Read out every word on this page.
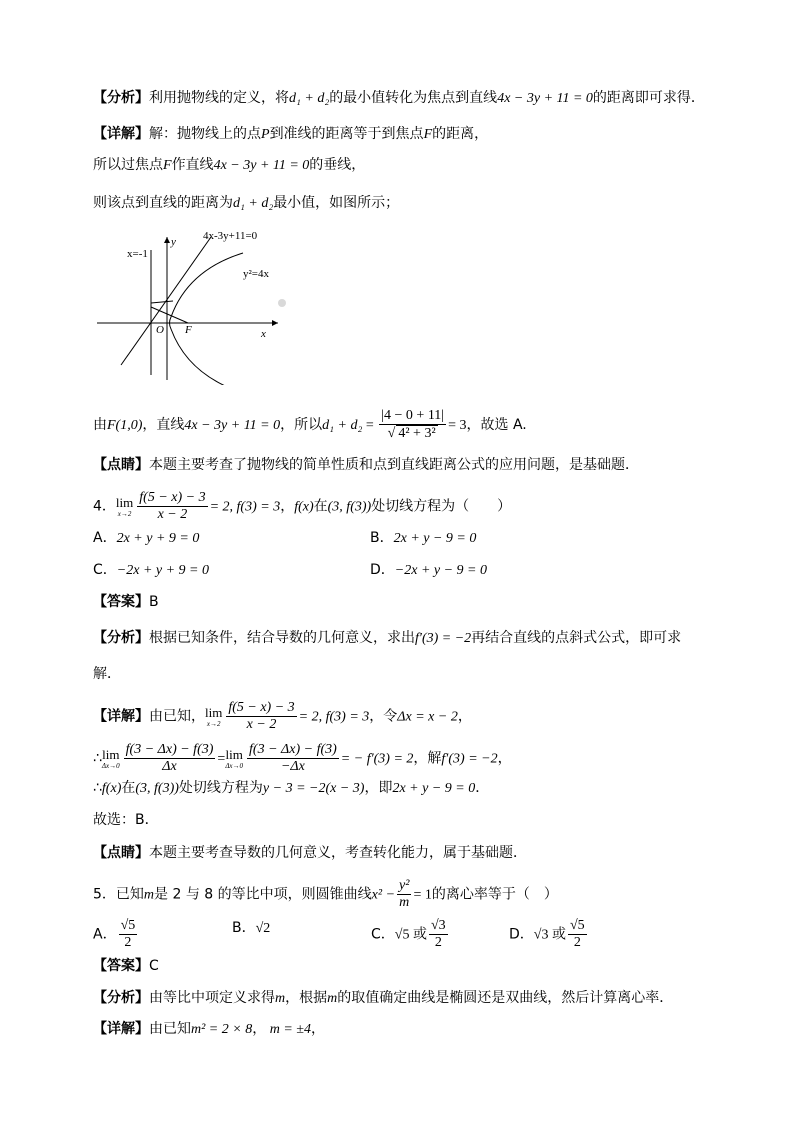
【分析】利用抛物线的定义，将d₁ + d₂的最小值转化为焦点到直线4x − 3y + 11 = 0的距离即可求得．
【详解】解：抛物线上的点P到准线的距离等于到焦点F的距离，
所以过焦点F作直线4x − 3y + 11 = 0的垂线，
则该点到直线的距离为d₁ + d₂最小值，如图所示；
4x-3y+11=0
x=-1
y²=4x
y
x
O F
由F(1,0)，直线4x − 3y + 11 = 0，所以$d_1 + d_2 = \frac{|4 - 0 + 11|}{\text{√ 4² + 3²}} = 3$，故选 A.
【点睛】本题主要考查了抛物线的简单性质和点到直线距离公式的应用问题，是基础题．
4． lim
$x\to 2 \frac{f(5 - x) - 3}{x - 2} = 2$, f(3) = 3，f(x)在(3, f(3))处切线方程为（　　）
A．2x + y + 9 = 0	B．2x + y − 9 = 0
C．−2x + y + 9 = 0	D．−2x + y − 9 = 0
【答案】B
【分析】根据已知条件，结合导数的几何意义，求出f′(3) = −2再结合直线的点斜式公式，即可求
解．
【详解】由已知， lim
$x\to 2 \frac{f(5 - x) - 3}{x - 2} = 2$, f(3) = 3，令Δx = x − 2，
∴ lim
$\Delta x\to 0 \frac{f(3 - \Delta x) - f(3)}{\Delta x} = \lim$
$\Delta x\to 0 \frac{f(3 - \Delta x) - f(3)}{-\Delta x}$ = − f′(3) = 2，解f′(3) = −2，
∴f(x)在(3, f(3))处切线方程为y − 3 = −2(x − 3)，即2x + y − 9 = 0．
故选：B．
【点睛】本题主要考查导数的几何意义，考查转化能力，属于基础题．
5．已知m是 2 与 8 的等比中项，则圆锥曲线$x^2 - \frac{\text{y²}}{m} = 1$的离心率等于（　）
A． $\frac{√5}{2}$	B．√2	C．√5 或 $\frac{√3}{2}$	D．√3 或 $\frac{√5}{2}$
【答案】C
【分析】由等比中项定义求得m，根据m的取值确定曲线是椭圆还是双曲线，然后计算离心率．
【详解】由已知m² = 2 × 8， m = ±4，
